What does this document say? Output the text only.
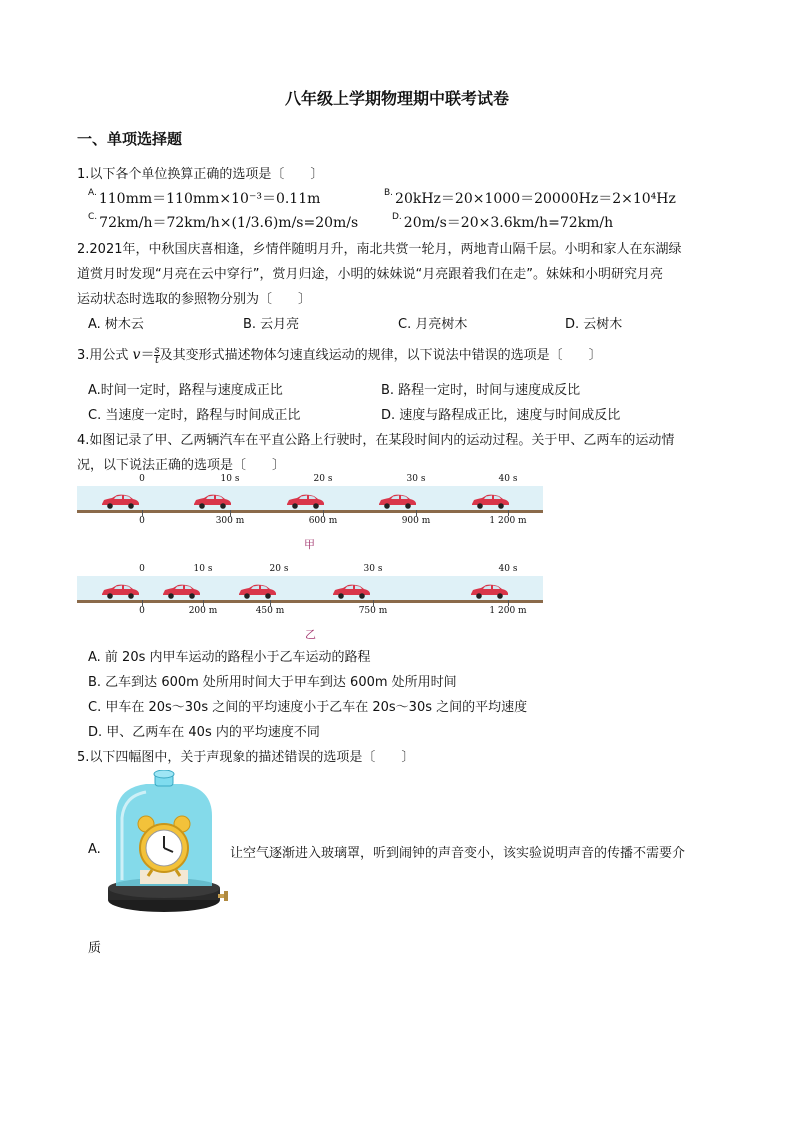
八年级上学期物理期中联考试卷
一、单项选择题
1.以下各个单位换算正确的选项是〔　　〕
$^{A.}$ 110mm＝110mm×10⁻³＝0.11m	$^{B.}$ 20kHz＝20×1000＝20000Hz＝2×10⁴Hz
$^{C.}$ 72km/h＝72km/h×(1/3.6)m/s=20m/s	$^{D.}$ 20m/s＝20×3.6km/h=72km/h
2.2021年，中秋国庆喜相逢，乡情伴随明月升，南北共赏一轮月，两地青山隔千层。小明和家人在东湖绿
道赏月时发现“月亮在云中穿行”，赏月归途，小明的妹妹说“月亮跟着我们在走”。妹妹和小明研究月亮
运动状态时选取的参照物分别为〔　　〕
A. 树木云	B. 云月亮	C. 月亮树木	D. 云树木
3.用公式 $v= \frac{s}{t}$ 及其变形式描述物体匀速直线运动的规律，以下说法中错误的选项是〔　　〕
A.时间一定时，路程与速度成正比	B. 路程一定时，时间与速度成反比
C. 当速度一定时，路程与时间成正比	D. 速度与路程成正比，速度与时间成反比
4.如图记录了甲、乙两辆汽车在平直公路上行驶时，在某段时间内的运动过程。关于甲、乙两车的运动情
况，以下说法正确的选项是〔　　〕
0	10 s	20 s	30 s	40 s
0	300 m	600 m	900 m	1 200 m
甲
0	10 s	20 s	30 s	40 s
0	200 m	450 m	750 m	1 200 m
乙
A. 前 20s 内甲车运动的路程小于乙车运动的路程
B. 乙车到达 600m 处所用时间大于甲车到达 600m 处所用时间
C. 甲车在 20s～30s 之间的平均速度小于乙车在 20s～30s 之间的平均速度
D. 甲、乙两车在 40s 内的平均速度不同
5.以下四幅图中，关于声现象的描述错误的选项是〔　　〕
A.	让空气逐渐进入玻璃罩，听到闹钟的声音变小，该实验说明声音的传播不需要介
质
